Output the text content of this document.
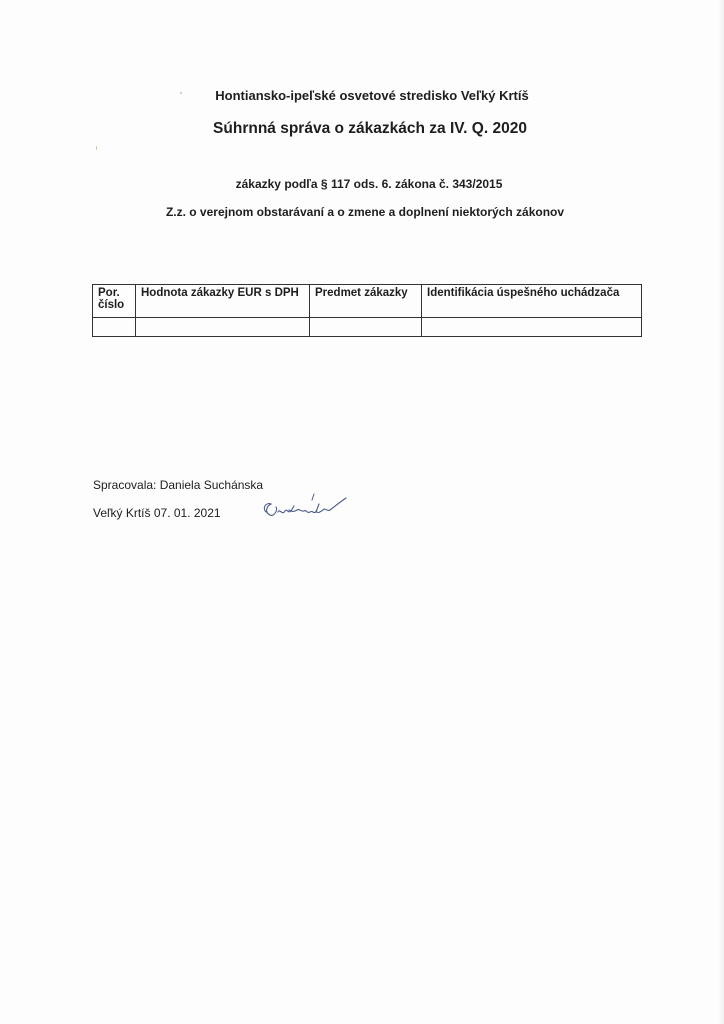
Hontiansko-ipeľské osvetové stredisko Veľký Krtíš
Súhrnná správa o zákazkách za IV. Q. 2020
zákazky podľa § 117 ods. 6. zákona č. 343/2015
Z.z. o verejnom obstarávaní a o zmene a doplnení niektorých zákonov
Por. číslo	Hodnota zákazky EUR s DPH	Predmet zákazky	Identifikácia úspešného uchádzača

Spracovala: Daniela Suchánska
Veľký Krtíš 07. 01. 2021
